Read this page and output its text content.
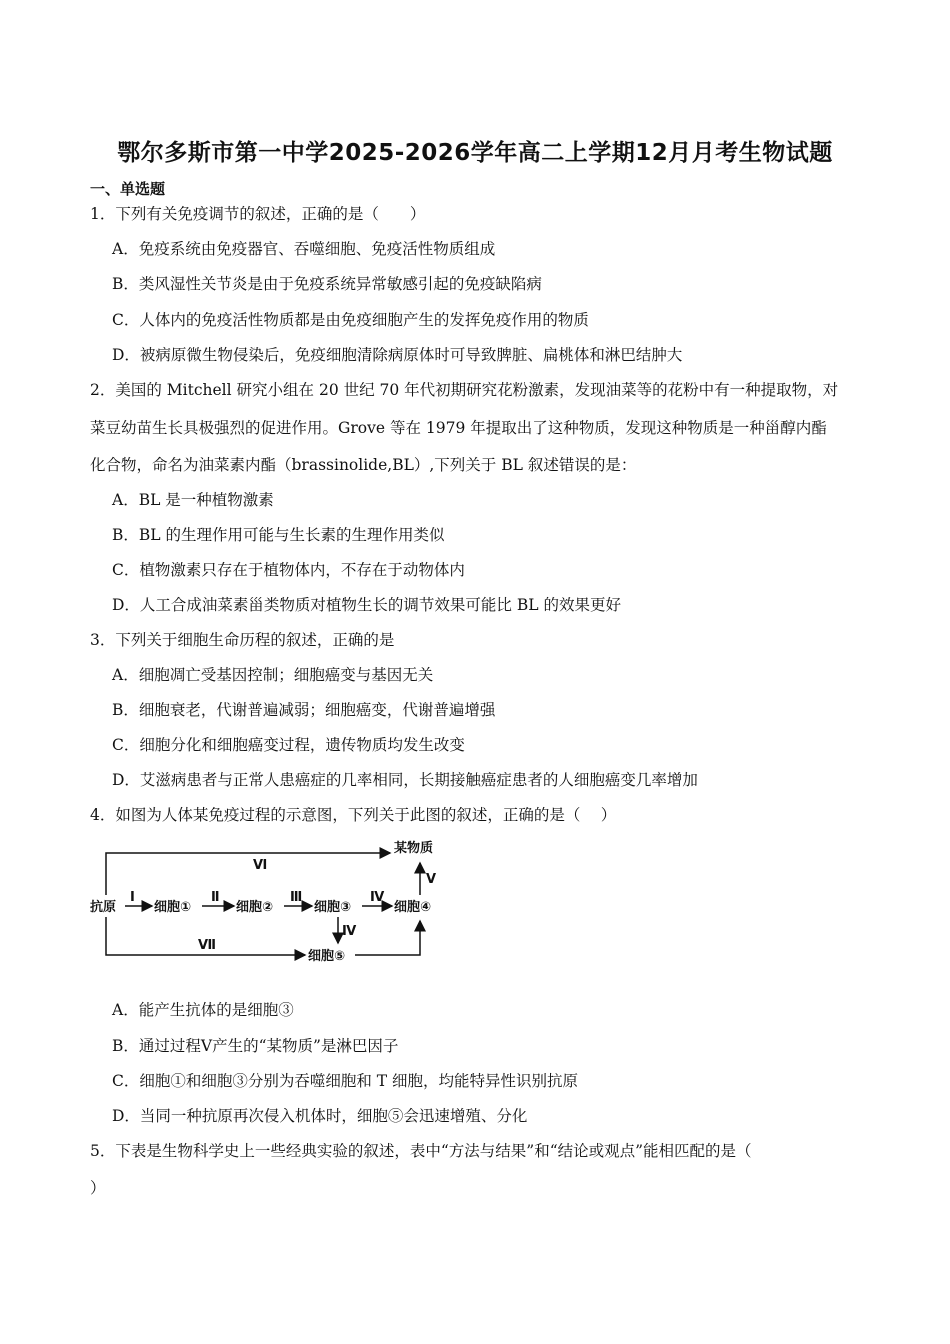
鄂尔多斯市第一中学2025-2026学年高二上学期12月月考生物试题
一、单选题
1．下列有关免疫调节的叙述，正确的是（　　）
A．免疫系统由免疫器官、吞噬细胞、免疫活性物质组成
B．类风湿性关节炎是由于免疫系统异常敏感引起的免疫缺陷病
C．人体内的免疫活性物质都是由免疫细胞产生的发挥免疫作用的物质
D．被病原微生物侵染后，免疫细胞清除病原体时可导致脾脏、扁桃体和淋巴结肿大
2．美国的 Mitchell 研究小组在 20 世纪 70 年代初期研究花粉激素，发现油菜等的花粉中有一种提取物，对
菜豆幼苗生长具极强烈的促进作用。Grove 等在 1979 年提取出了这种物质，发现这种物质是一种甾醇内酯
化合物，命名为油菜素内酯（brassinolide,BL）,下列关于 BL 叙述错误的是：
A．BL 是一种植物激素
B．BL 的生理作用可能与生长素的生理作用类似
C．植物激素只存在于植物体内，不存在于动物体内
D．人工合成油菜素甾类物质对植物生长的调节效果可能比 BL 的效果更好
3．下列关于细胞生命历程的叙述，正确的是
A．细胞凋亡受基因控制；细胞癌变与基因无关
B．细胞衰老，代谢普遍减弱；细胞癌变，代谢普遍增强
C．细胞分化和细胞癌变过程，遗传物质均发生改变
D．艾滋病患者与正常人患癌症的几率相同，长期接触癌症患者的人细胞癌变几率增加
4．如图为人体某免疫过程的示意图，下列关于此图的叙述，正确的是（　 ）
抗原	细胞①	细胞②	细胞③	细胞④
细胞⑤
某物质
Ⅰ	Ⅱ	Ⅲ	Ⅳ
Ⅳ
Ⅴ
Ⅵ
Ⅶ
A．能产生抗体的是细胞③
B．通过过程Ⅴ产生的“某物质”是淋巴因子
C．细胞①和细胞③分别为吞噬细胞和 T 细胞，均能特异性识别抗原
D．当同一种抗原再次侵入机体时，细胞⑤会迅速增殖、分化
5．下表是生物科学史上一些经典实验的叙述，表中“方法与结果”和“结论或观点”能相匹配的是（
）
